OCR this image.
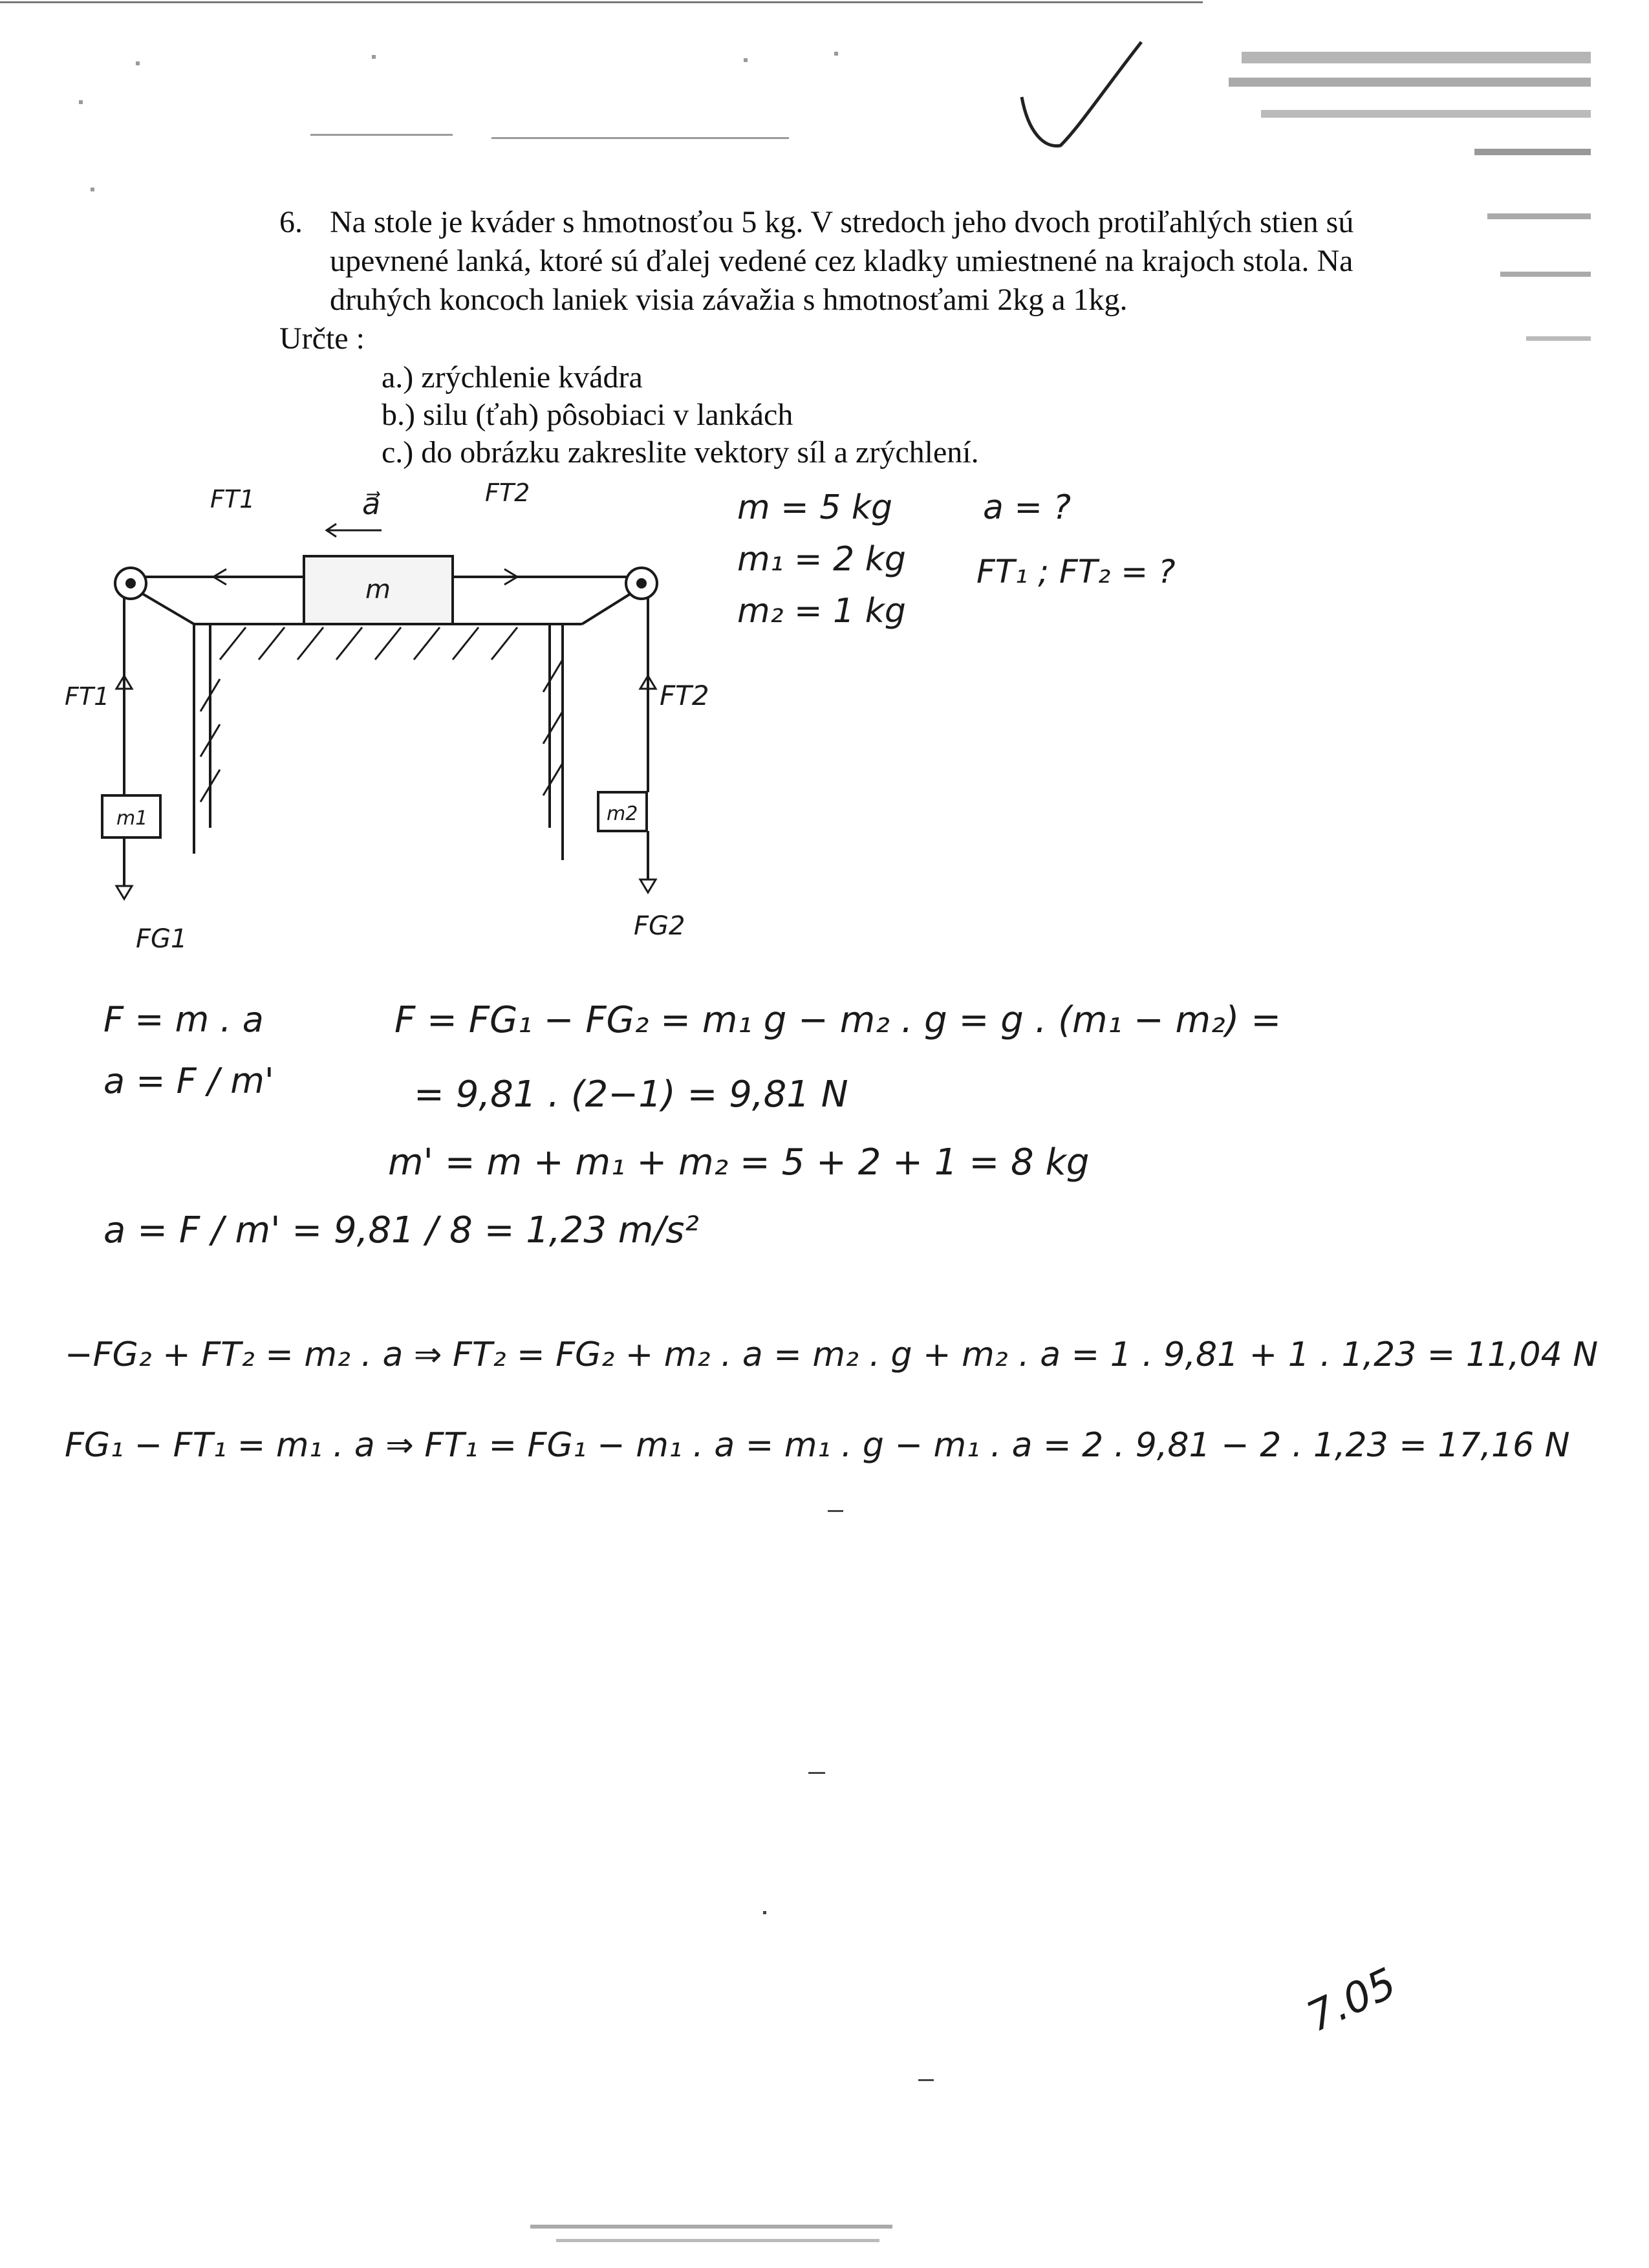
6. Na stole je kváder s hmotnosťou 5 kg. V stredoch jeho dvoch protiľahlých stien sú
upevnené lanká, ktoré sú ďalej vedené cez kladky umiestnené na krajoch stola. Na
druhých koncoch laniek visia závažia s hmotnosťami 2kg a 1kg.
Určte :
a.) zrýchlenie kvádra
b.) silu (ťah) pôsobiaci v lankách
c.) do obrázku zakreslite vektory síl a zrýchlení.
m
m1	m2
FT1	a⃗	FT2
FT1	FT2
FG1	FG2
m = 5 kg
m₁ = 2 kg
m₂ = 1 kg
a = ?
FT₁ ; FT₂ = ?
F = m . a
a = F / m'
F = FG₁ − FG₂ = m₁ g − m₂ . g = g . (m₁ − m₂) =
= 9,81 . (2−1) = 9,81 N
m' = m + m₁ + m₂ = 5 + 2 + 1 = 8 kg
a = F / m' = 9,81 / 8 = 1,23 m/s²
−FG₂ + FT₂ = m₂ . a ⇒ FT₂ = FG₂ + m₂ . a = m₂ . g + m₂ . a = 1 . 9,81 + 1 . 1,23 = 11,04 N
FG₁ − FT₁ = m₁ . a ⇒ FT₁ = FG₁ − m₁ . a = m₁ . g − m₁ . a = 2 . 9,81 − 2 . 1,23 = 17,16 N
7.05
